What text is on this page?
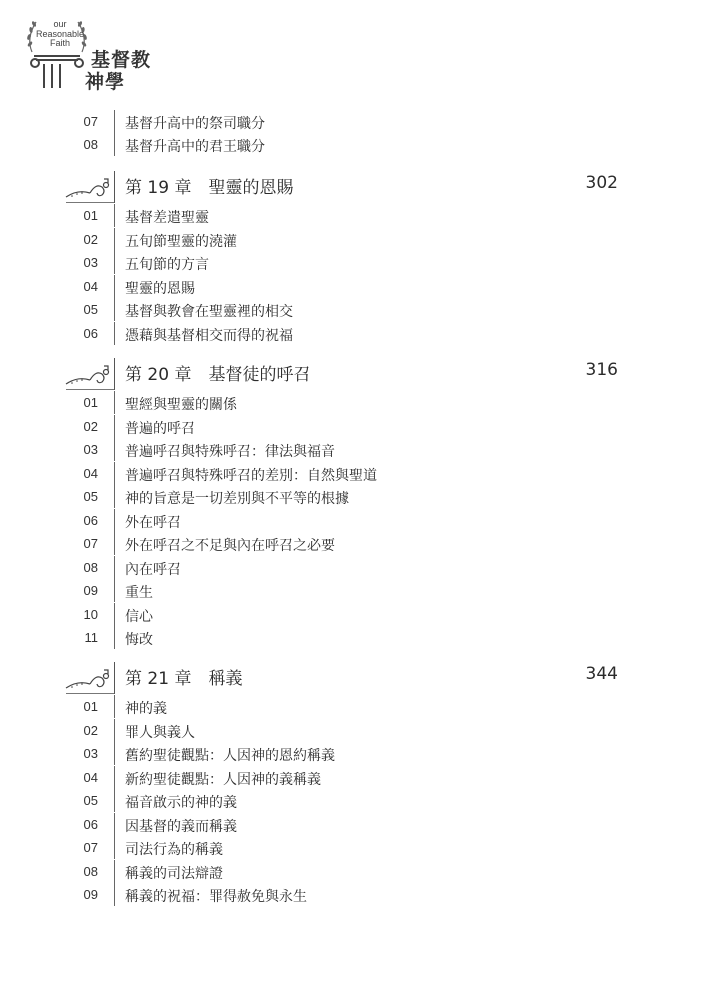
our
Reasonable
Faith
基督教
神學
07 基督升高中的祭司職分
08 基督升高中的君王職分
第 19 章　聖靈的恩賜	302
01 基督差遣聖靈
02 五旬節聖靈的澆灌
03 五旬節的方言
04 聖靈的恩賜
05 基督與教會在聖靈裡的相交
06 憑藉與基督相交而得的祝福
第 20 章　基督徒的呼召	316
01 聖經與聖靈的關係
02 普遍的呼召
03 普遍呼召與特殊呼召：律法與福音
04 普遍呼召與特殊呼召的差別：自然與聖道
05 神的旨意是一切差別與不平等的根據
06 外在呼召
07 外在呼召之不足與內在呼召之必要
08 內在呼召
09 重生
10 信心
11 悔改
第 21 章　稱義	344
01 神的義
02 罪人與義人
03 舊約聖徒觀點：人因神的恩約稱義
04 新約聖徒觀點：人因神的義稱義
05 福音啟示的神的義
06 因基督的義而稱義
07 司法行為的稱義
08 稱義的司法辯證
09 稱義的祝福：罪得赦免與永生
